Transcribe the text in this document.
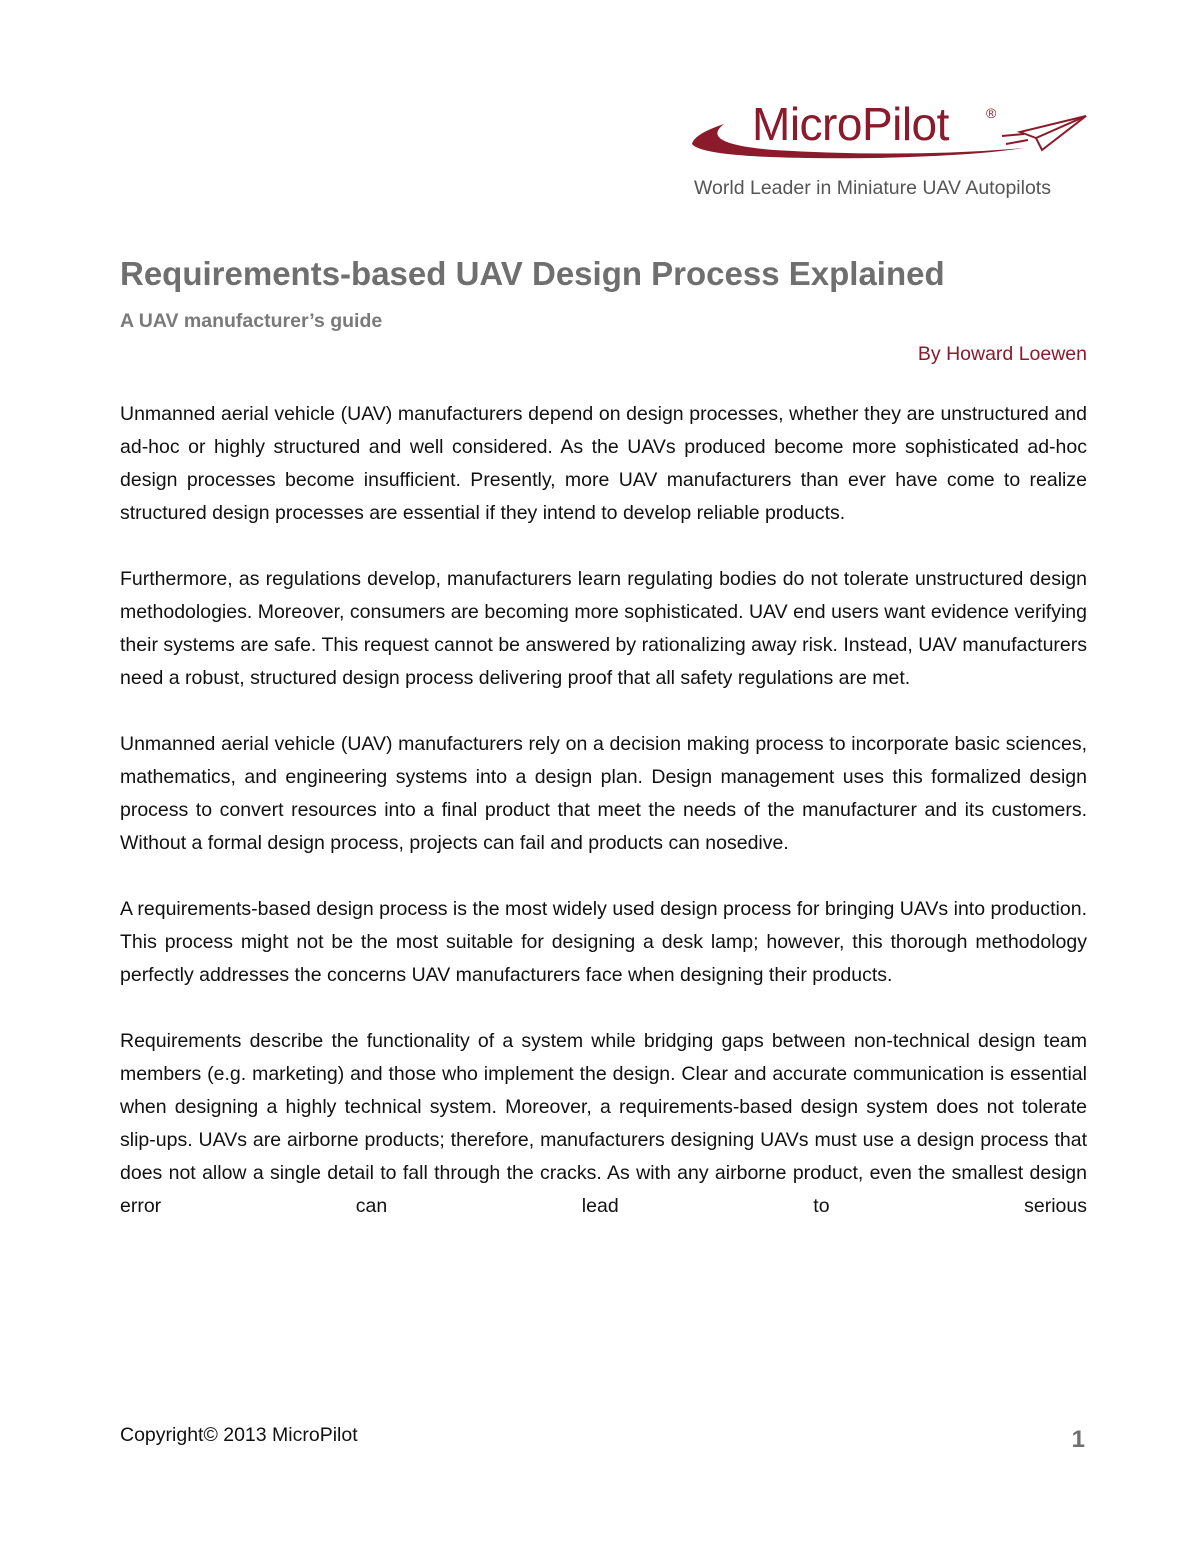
MicroPilot	®
World Leader in Miniature UAV Autopilots
Requirements-based UAV Design Process Explained
A UAV manufacturer’s guide

By Howard Loewen

Unmanned aerial vehicle (UAV) manufacturers depend on design processes, whether they are unstructured and ad-hoc or highly structured and well considered. As the UAVs produced become more sophisticated ad-hoc design processes become insufficient. Presently, more UAV manufacturers than ever have come to realize structured design processes are essential if they intend to develop reliable products.

Furthermore, as regulations develop, manufacturers learn regulating bodies do not tolerate unstructured design methodologies. Moreover, consumers are becoming more sophisticated. UAV end users want evidence verifying their systems are safe. This request cannot be answered by rationalizing away risk. Instead, UAV manufacturers need a robust, structured design process delivering proof that all safety regulations are met.

Unmanned aerial vehicle (UAV) manufacturers rely on a decision making process to incorporate basic sciences, mathematics, and engineering systems into a design plan. Design management uses this formalized design process to convert resources into a final product that meet the needs of the manufacturer and its customers. Without a formal design process, projects can fail and products can nosedive.

A requirements-based design process is the most widely used design process for bringing UAVs into production. This process might not be the most suitable for designing a desk lamp; however, this thorough methodology perfectly addresses the concerns UAV manufacturers face when designing their products.

Requirements describe the functionality of a system while bridging gaps between non-technical design team members (e.g. marketing) and those who implement the design. Clear and accurate communication is essential when designing a highly technical system. Moreover, a requirements-based design system does not tolerate slip-ups. UAVs are airborne products; therefore, manufacturers designing UAVs must use a design process that does not allow a single detail to fall through the cracks. As with any airborne product, even the smallest design error can lead to serious

Copyright© 2013 MicroPilot	1
